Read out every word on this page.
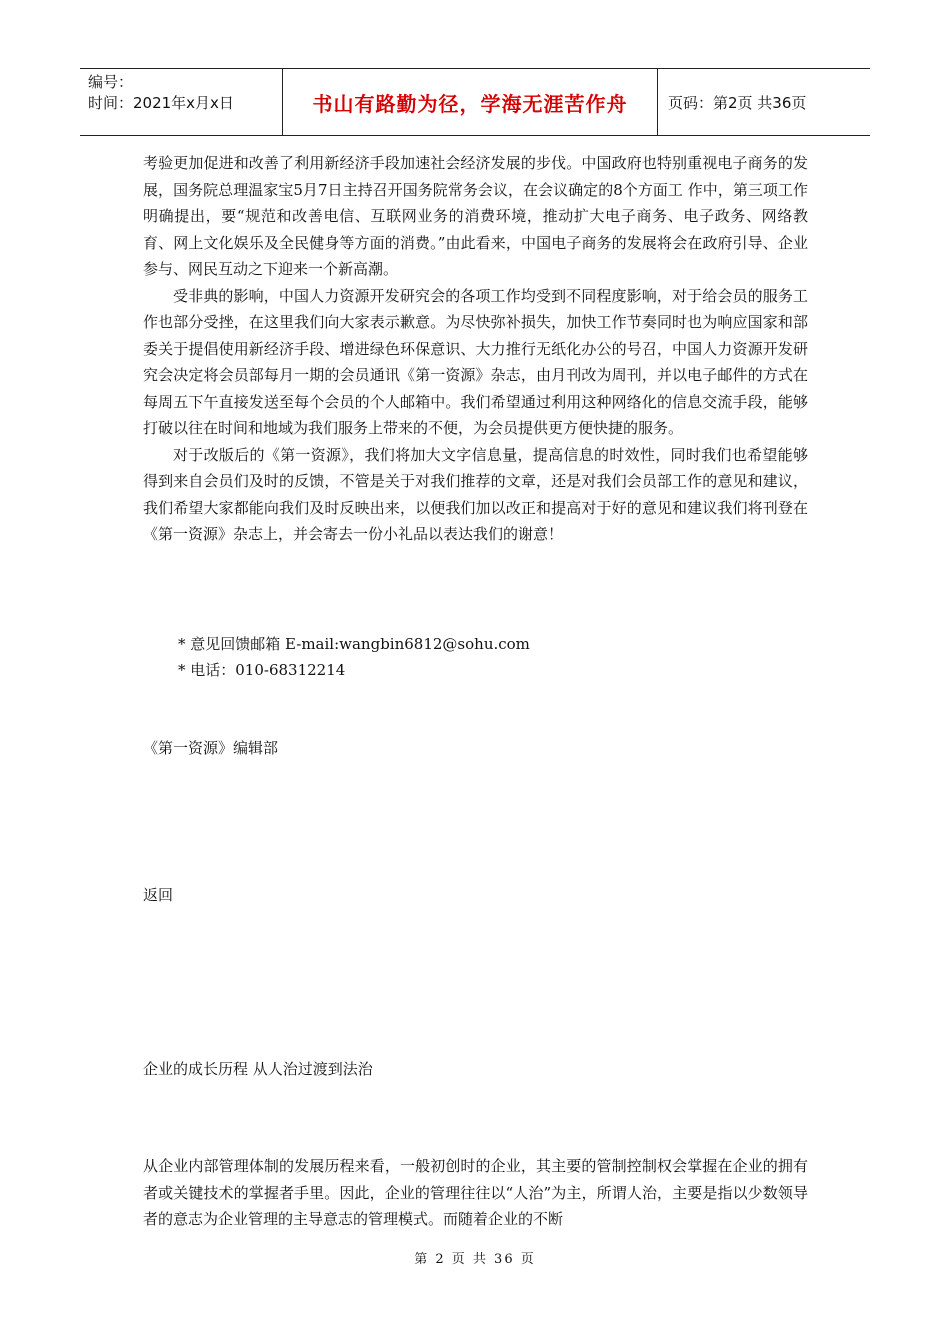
编号：
时间：2021年x月x日	书山有路勤为径，学海无涯苦作舟	页码：第2页 共36页

考验更加促进和改善了利用新经济手段加速社会经济发展的步伐。中国政府也特别重视电子商务的发展，国务院总理温家宝5月7日主持召开国务院常务会议，在会议确定的8个方面工 作中，第三项工作明确提出，要“规范和改善电信、互联网业务的消费环境，推动扩大电子商务、电子政务、网络教育、网上文化娱乐及全民健身等方面的消费。”由此看来，中国电子商务的发展将会在政府引导、企业参与、网民互动之下迎来一个新高潮。

受非典的影响，中国人力资源开发研究会的各项工作均受到不同程度影响，对于给会员的服务工作也部分受挫，在这里我们向大家表示歉意。为尽快弥补损失，加快工作节奏同时也为响应国家和部委关于提倡使用新经济手段、增进绿色环保意识、大力推行无纸化办公的号召，中国人力资源开发研究会决定将会员部每月一期的会员通讯《第一资源》杂志，由月刊改为周刊，并以电子邮件的方式在每周五下午直接发送至每个会员的个人邮箱中。我们希望通过利用这种网络化的信息交流手段，能够打破以往在时间和地域为我们服务上带来的不便，为会员提供更方便快捷的服务。

对于改版后的《第一资源》，我们将加大文字信息量，提高信息的时效性，同时我们也希望能够得到来自会员们及时的反馈，不管是关于对我们推荐的文章，还是对我们会员部工作的意见和建议，我们希望大家都能向我们及时反映出来，以便我们加以改正和提高对于好的意见和建议我们将刊登在《第一资源》杂志上，并会寄去一份小礼品以表达我们的谢意！

* 意见回馈邮箱 E-mail:wangbin6812@sohu.com
* 电话：010-68312214
《第一资源》编辑部
返回
企业的成长历程 从人治过渡到法治
从企业内部管理体制的发展历程来看，一般初创时的企业，其主要的管制控制权会掌握在企业的拥有者或关键技术的掌握者手里。因此，企业的管理往往以“人治”为主，所谓人治，主要是指以少数领导者的意志为企业管理的主导意志的管理模式。而随着企业的不断
第 2 页 共 36 页
